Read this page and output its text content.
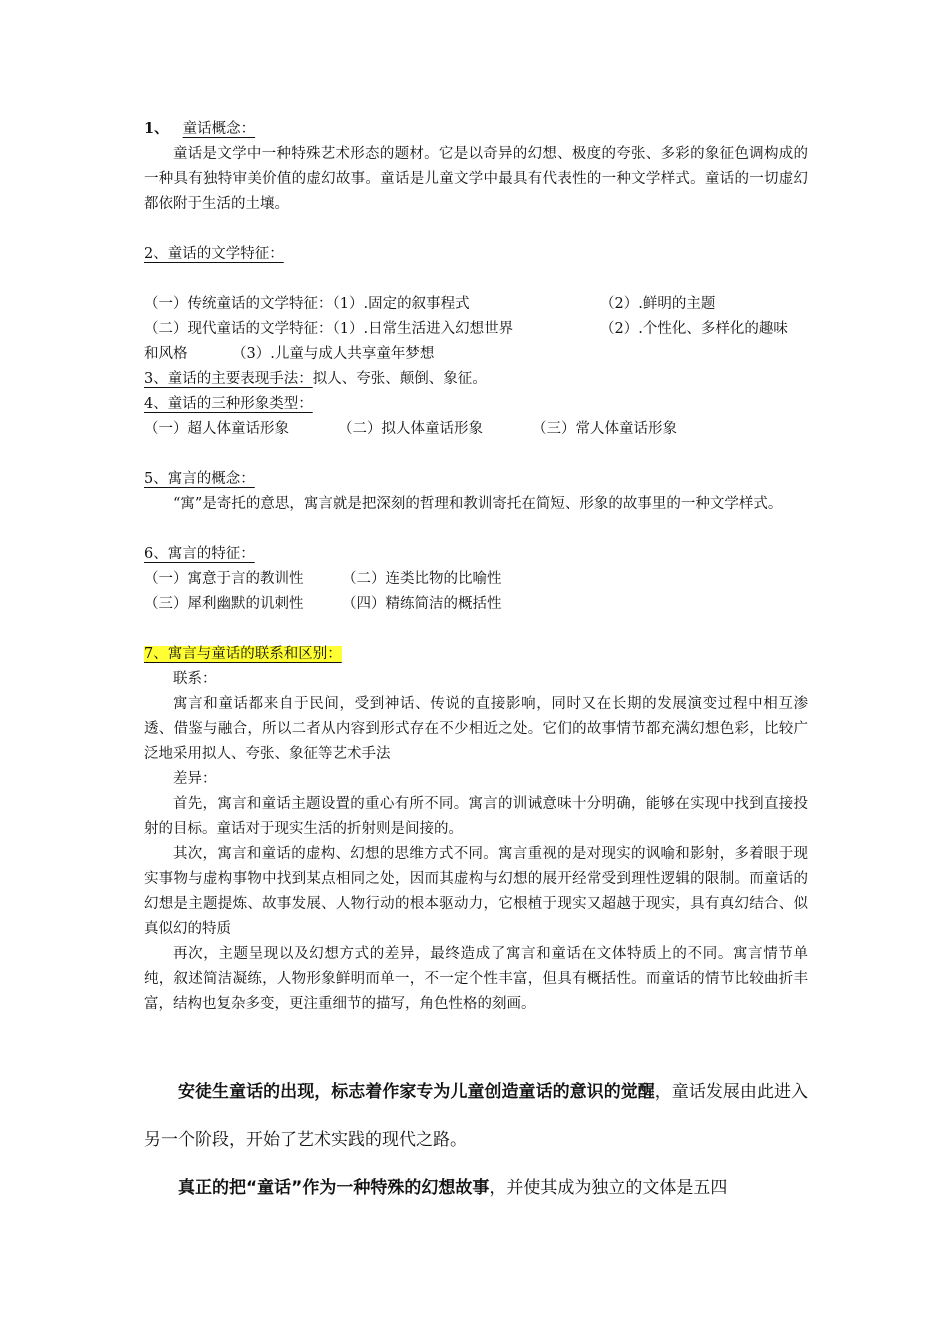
1、 童话概念：
童话是文学中一种特殊艺术形态的题材。它是以奇异的幻想、极度的夸张、多彩的象征色调构成的一种具有独特审美价值的虚幻故事。童话是儿童文学中最具有代表性的一种文学样式。童话的一切虚幻都依附于生活的土壤。
2、童话的文学特征：
（一）传统童话的文学特征：（1）.固定的叙事程式	（2）.鲜明的主题
（二）现代童话的文学特征：（1）.日常生活进入幻想世界	（2）.个性化、多样化的趣味
和风格	（3）.儿童与成人共享童年梦想
3、童话的主要表现手法：拟人、夸张、颠倒、象征。
4、童话的三种形象类型：
（一）超人体童话形象	（二）拟人体童话形象	（三）常人体童话形象
5、寓言的概念：
“寓”是寄托的意思，寓言就是把深刻的哲理和教训寄托在简短、形象的故事里的一种文学样式。
6、寓言的特征：
（一）寓意于言的教训性	（二）连类比物的比喻性
（三）犀利幽默的讥刺性	（四）精练简洁的概括性
7、寓言与童话的联系和区别：
联系：
寓言和童话都来自于民间，受到神话、传说的直接影响，同时又在长期的发展演变过程中相互渗透、借鉴与融合，所以二者从内容到形式存在不少相近之处。它们的故事情节都充满幻想色彩，比较广泛地采用拟人、夸张、象征等艺术手法
差异：
首先，寓言和童话主题设置的重心有所不同。寓言的训诫意味十分明确，能够在实现中找到直接投射的目标。童话对于现实生活的折射则是间接的。
其次，寓言和童话的虚构、幻想的思维方式不同。寓言重视的是对现实的讽喻和影射，多着眼于现实事物与虚构事物中找到某点相同之处，因而其虚构与幻想的展开经常受到理性逻辑的限制。而童话的幻想是主题提炼、故事发展、人物行动的根本驱动力，它根植于现实又超越于现实，具有真幻结合、似真似幻的特质
再次，主题呈现以及幻想方式的差异，最终造成了寓言和童话在文体特质上的不同。寓言情节单纯，叙述简洁凝练，人物形象鲜明而单一，不一定个性丰富，但具有概括性。而童话的情节比较曲折丰富，结构也复杂多变，更注重细节的描写，角色性格的刻画。
安徒生童话的出现，标志着作家专为儿童创造童话的意识的觉醒，童话发展由此进入另一个阶段，开始了艺术实践的现代之路。
真正的把“童话”作为一种特殊的幻想故事，并使其成为独立的文体是五四
